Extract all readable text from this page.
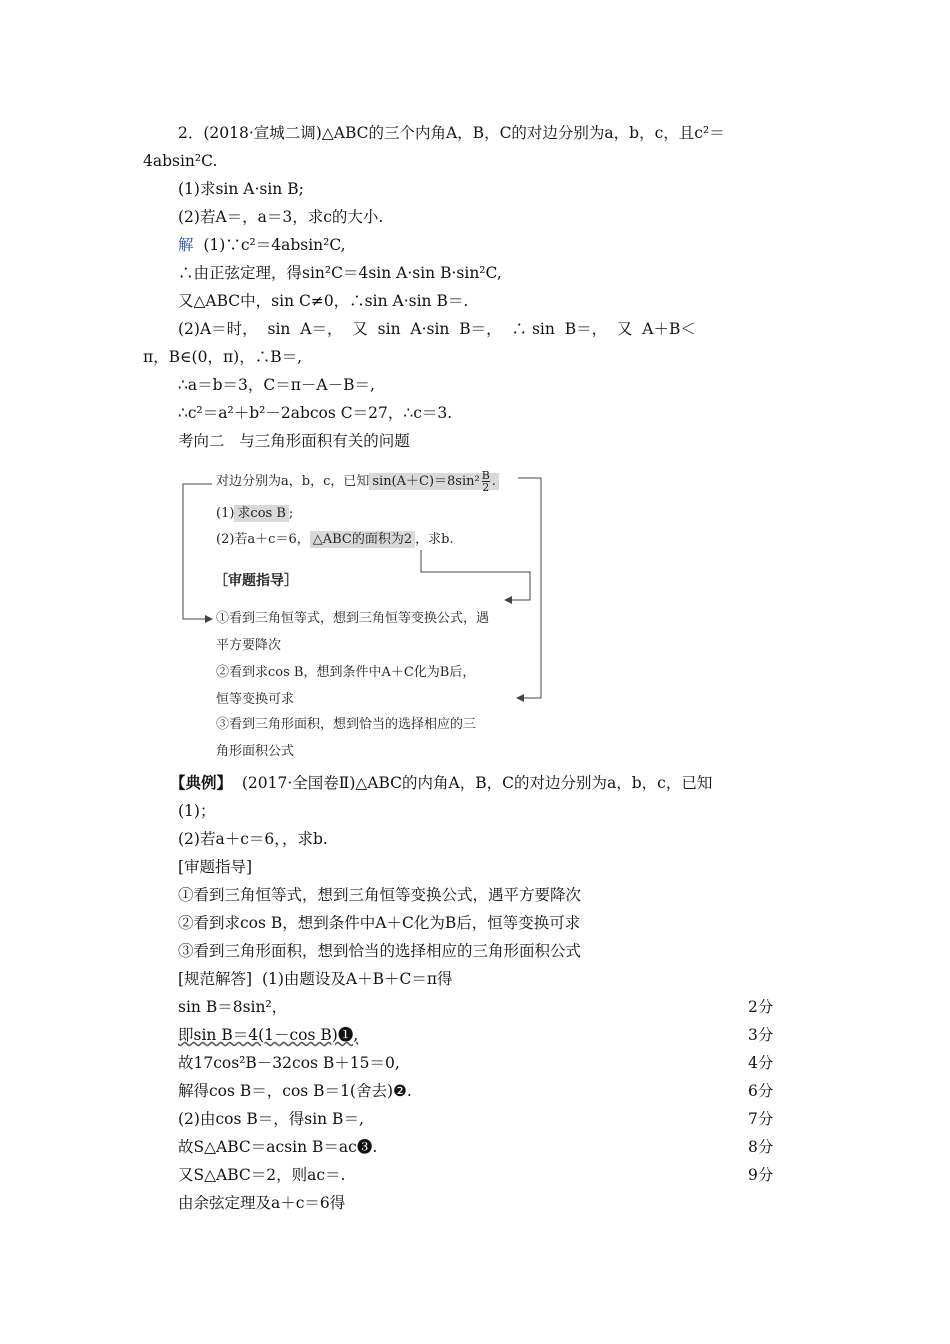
2．(2018·宣城二调)△ABC的三个内角A，B，C的对边分别为a，b，c，且c²＝
4absin²C.
(1)求sin A·sin B;
(2)若A＝，a＝3，求c的大小.
解  (1)∵c²＝4absin²C,
∴由正弦定理，得sin²C＝4sin A·sin B·sin²C,
又△ABC中，sin C≠0，∴sin A·sin B＝.
(2)A＝时，  sin  A＝，  又  sin  A·sin  B＝，  ∴ sin  B＝，  又  A＋B＜
π，B∈(0，π)，∴B＝,
∴a＝b＝3，C＝π－A－B＝,
∴c²＝a²＋b²－2abcos C＝27，∴c＝3.
考向二   与三角形面积有关的问题
对边分别为a，b，c，已知 $\sin(A+C)=8\sin^2 \frac{B}{2}$ .
(1) 求cos B ;
(2)若a＋c＝6， △ABC的面积为2 ，求b.
［审题指导］
①看到三角恒等式，想到三角恒等变换公式，遇
平方要降次
②看到求cos B，想到条件中A＋C化为B后，
恒等变换可求
③看到三角形面积，想到恰当的选择相应的三
角形面积公式
【典例】  (2017·全国卷Ⅱ)△ABC的内角A，B，C的对边分别为a，b，c，已知
(1)；
(2)若a＋c＝6，，求b.
[审题指导]
①看到三角恒等式，想到三角恒等变换公式，遇平方要降次
②看到求cos B，想到条件中A＋C化为B后，恒等变换可求
③看到三角形面积，想到恰当的选择相应的三角形面积公式
[规范解答]  (1)由题设及A＋B＋C＝π得
sin B＝8sin²，	2分
即sin B＝4(1－cos B)❶,	3分
故17cos²B－32cos B＋15＝0,	4分
解得cos B＝，cos B＝1(舍去)❷.	6分
(2)由cos B＝，得sin B＝,	7分
故S△ABC＝acsin B＝ac❸.	8分
又S△ABC＝2，则ac＝.	9分
由余弦定理及a＋c＝6得
